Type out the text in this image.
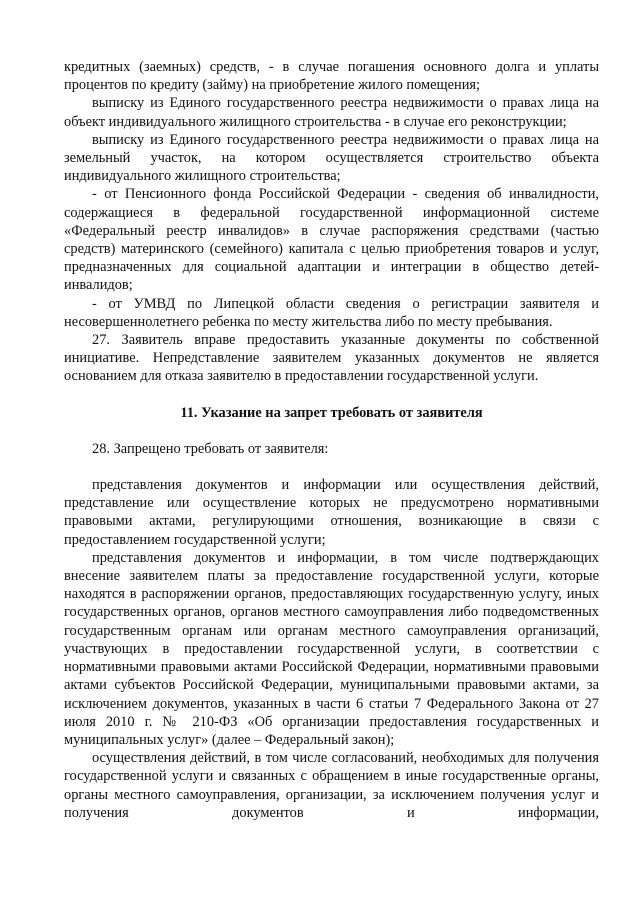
кредитных (заемных) средств, - в случае погашения основного долга и уплаты процентов по кредиту (займу) на приобретение жилого помещения;

выписку из Единого государственного реестра недвижимости о правах лица на объект индивидуального жилищного строительства - в случае его реконструкции;

выписку из Единого государственного реестра недвижимости о правах лица на земельный участок, на котором осуществляется строительство объекта индивидуального жилищного строительства;

- от Пенсионного фонда Российской Федерации - сведения об инвалидности, содержащиеся в федеральной государственной информационной системе «Федеральный реестр инвалидов» в случае распоряжения средствами (частью средств) материнского (семейного) капитала с целью приобретения товаров и услуг, предназначенных для социальной адаптации и интеграции в общество детей-инвалидов;

- от УМВД по Липецкой области сведения о регистрации заявителя и несовершеннолетнего ребенка по месту жительства либо по месту пребывания.

27. Заявитель вправе предоставить указанные документы по собственной инициативе. Непредставление заявителем указанных документов не является основанием для отказа заявителю в предоставлении государственной услуги.

11. Указание на запрет требовать от заявителя

28. Запрещено требовать от заявителя:

представления документов и информации или осуществления действий, представление или осуществление которых не предусмотрено нормативными правовыми актами, регулирующими отношения, возникающие в связи с предоставлением государственной услуги;

представления документов и информации, в том числе подтверждающих внесение заявителем платы за предоставление государственной услуги, которые находятся в распоряжении органов, предоставляющих государственную услугу, иных государственных органов, органов местного самоуправления либо подведомственных государственным органам или органам местного самоуправления организаций, участвующих в предоставлении государственной услуги, в соответствии с нормативными правовыми актами Российской Федерации, нормативными правовыми актами субъектов Российской Федерации, муниципальными правовыми актами, за исключением документов, указанных в части 6 статьи 7 Федерального Закона от 27 июля 2010 г. № 210-ФЗ «Об организации предоставления государственных и муниципальных услуг» (далее – Федеральный закон);

осуществления действий, в том числе согласований, необходимых для получения государственной услуги и связанных с обращением в иные государственные органы, органы местного самоуправления, организации, за исключением получения услуг и получения документов и информации,
